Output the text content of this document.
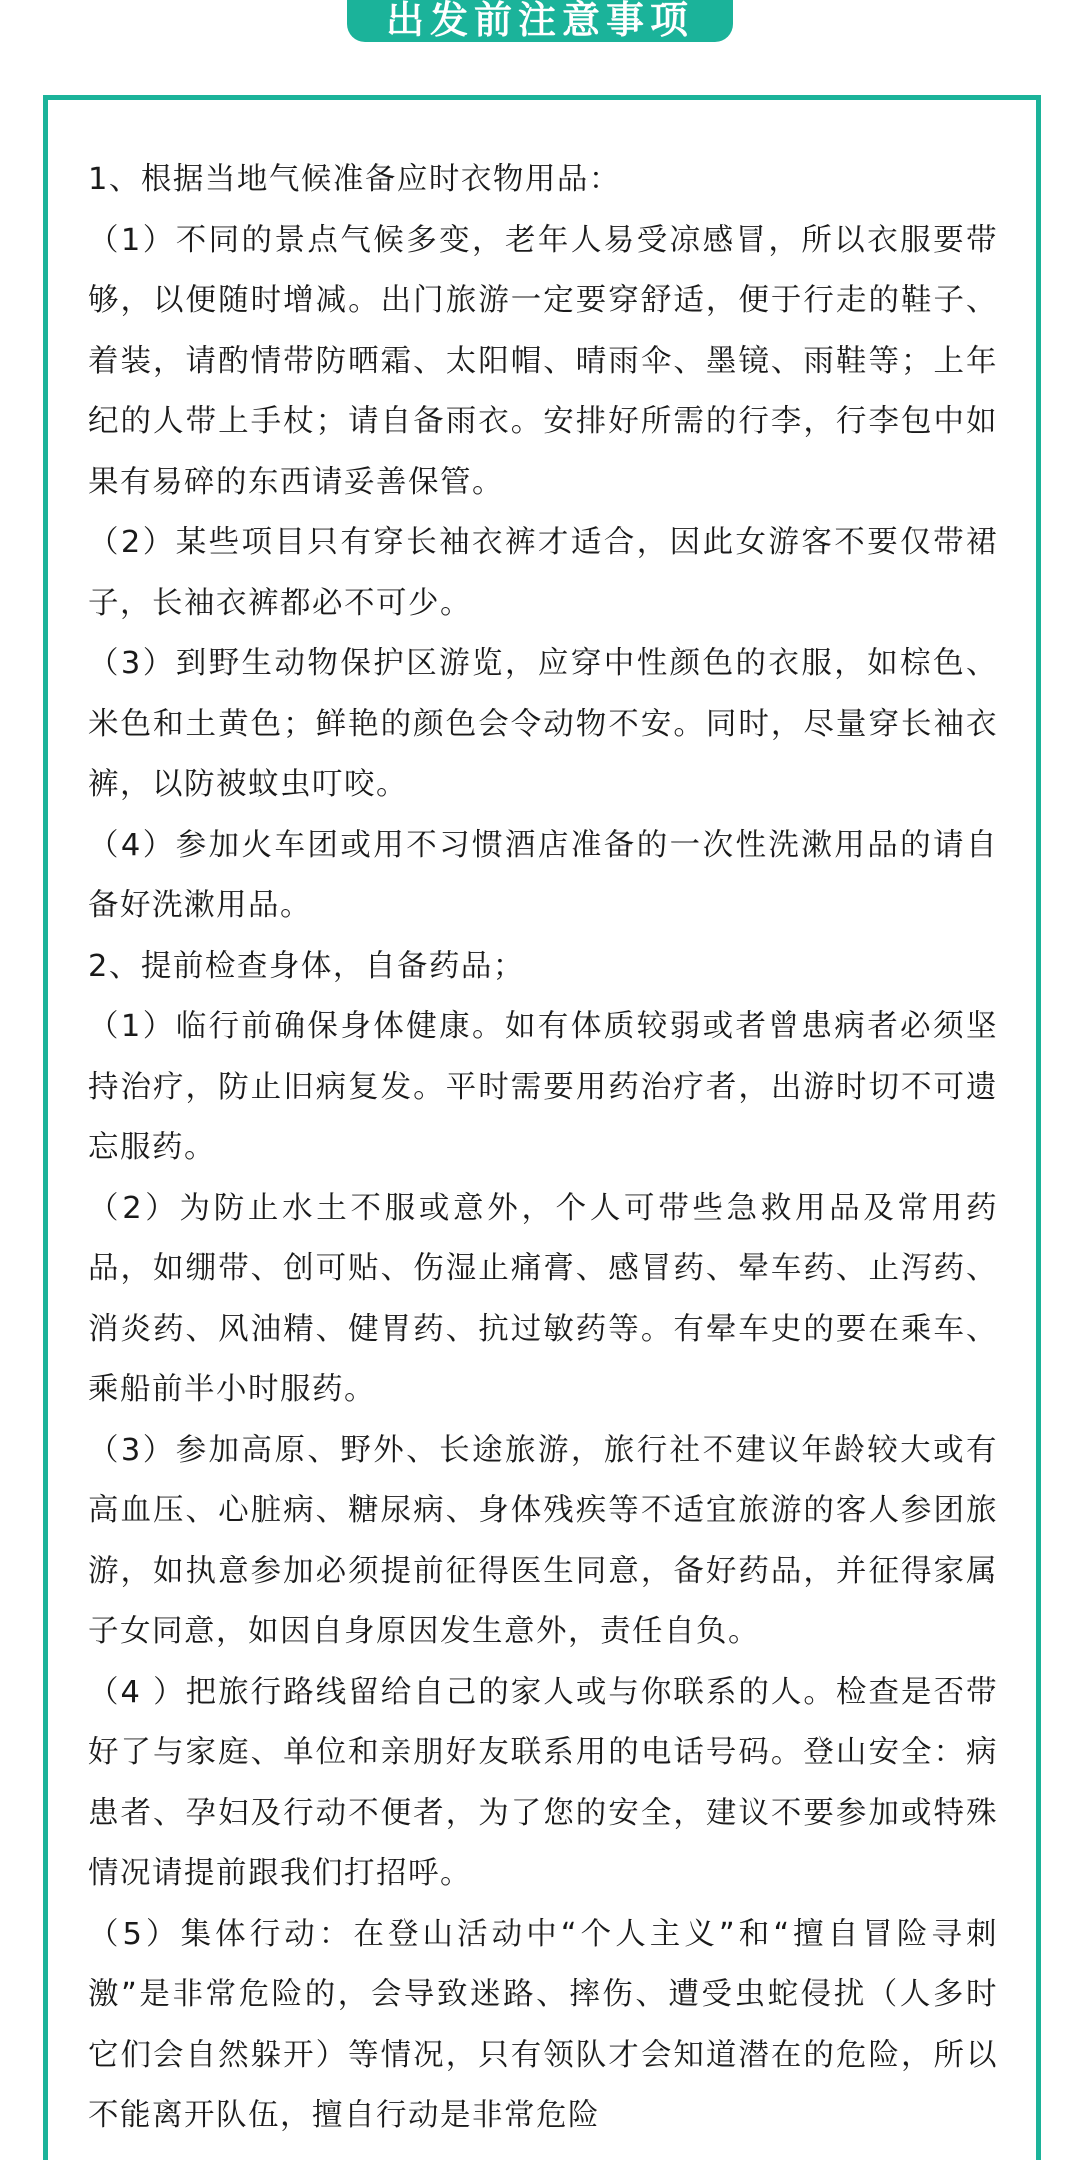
出发前注意事项

1、根据当地气候准备应时衣物用品：

（1）不同的景点气候多变，老年人易受凉感冒，所以衣服要带够，以便随时增减。出门旅游一定要穿舒适，便于行走的鞋子、着装，请酌情带防晒霜、太阳帽、晴雨伞、墨镜、雨鞋等；上年纪的人带上手杖；请自备雨衣。安排好所需的行李，行李包中如果有易碎的东西请妥善保管。

（2）某些项目只有穿长袖衣裤才适合，因此女游客不要仅带裙子，长袖衣裤都必不可少。

（3）到野生动物保护区游览，应穿中性颜色的衣服，如棕色、米色和土黄色；鲜艳的颜色会令动物不安。同时，尽量穿长袖衣裤，以防被蚊虫叮咬。

（4）参加火车团或用不习惯酒店准备的一次性洗漱用品的请自备好洗漱用品。

2、提前检查身体，自备药品；

（1）临行前确保身体健康。如有体质较弱或者曾患病者必须坚持治疗，防止旧病复发。平时需要用药治疗者，出游时切不可遗忘服药。

（2）为防止水土不服或意外，个人可带些急救用品及常用药品，如绷带、创可贴、伤湿止痛膏、感冒药、晕车药、止泻药、消炎药、风油精、健胃药、抗过敏药等。有晕车史的要在乘车、乘船前半小时服药。

（3）参加高原、野外、长途旅游，旅行社不建议年龄较大或有高血压、心脏病、糖尿病、身体残疾等不适宜旅游的客人参团旅游，如执意参加必须提前征得医生同意，备好药品，并征得家属子女同意，如因自身原因发生意外，责任自负。

（4 ）把旅行路线留给自己的家人或与你联系的人。检查是否带好了与家庭、单位和亲朋好友联系用的电话号码。登山安全：病患者、孕妇及行动不便者，为了您的安全，建议不要参加或特殊情况请提前跟我们打招呼。

（5）集体行动：在登山活动中“个人主义”和“擅自冒险寻刺激”是非常危险的，会导致迷路、摔伤、遭受虫蛇侵扰（人多时它们会自然躲开）等情况，只有领队才会知道潜在的危险，所以不能离开队伍，擅自行动是非常危险
